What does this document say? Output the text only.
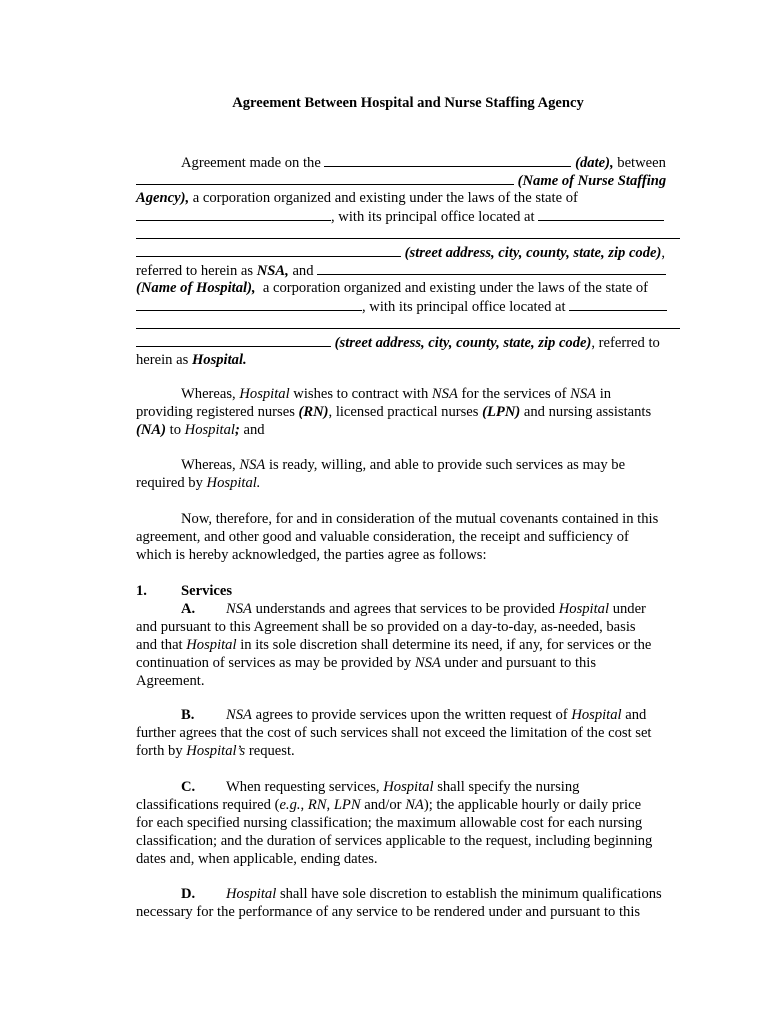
Agreement Between Hospital and Nurse Staffing Agency
Agreement made on the	(date), between
(Name of Nurse Staffing
Agency), a corporation organized and existing under the laws of the state of
, with its principal office located at
(street address, city, county, state, zip code),
referred to herein as NSA, and
(Name of Hospital), a corporation organized and existing under the laws of the state of
, with its principal office located at
(street address, city, county, state, zip code), referred to
herein as Hospital.
Whereas, Hospital wishes to contract with NSA for the services of NSA in
providing registered nurses (RN), licensed practical nurses (LPN) and nursing assistants
(NA) to Hospital; and
Whereas, NSA is ready, willing, and able to provide such services as may be
required by Hospital.
Now, therefore, for and in consideration of the mutual covenants contained in this
agreement, and other good and valuable consideration, the receipt and sufficiency of
which is hereby acknowledged, the parties agree as follows:
1. Services
A. NSA understands and agrees that services to be provided Hospital under
and pursuant to this Agreement shall be so provided on a day-to-day, as-needed, basis
and that Hospital in its sole discretion shall determine its need, if any, for services or the
continuation of services as may be provided by NSA under and pursuant to this
Agreement.
B. NSA agrees to provide services upon the written request of Hospital and
further agrees that the cost of such services shall not exceed the limitation of the cost set
forth by Hospital’s request.
C. When requesting services, Hospital shall specify the nursing
classifications required (e.g., RN, LPN and/or NA); the applicable hourly or daily price
for each specified nursing classification; the maximum allowable cost for each nursing
classification; and the duration of services applicable to the request, including beginning
dates and, when applicable, ending dates.
D. Hospital shall have sole discretion to establish the minimum qualifications
necessary for the performance of any service to be rendered under and pursuant to this
